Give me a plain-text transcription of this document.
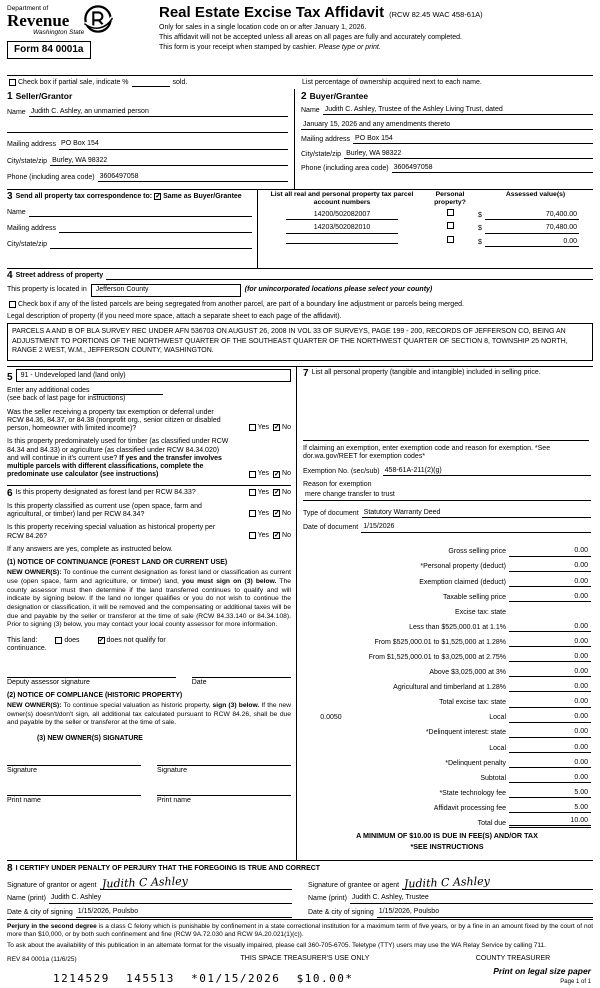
Department of
Revenue
Washington State
Form 84 0001a
Real Estate Excise Tax Affidavit (RCW 82.45 WAC 458-61A)
Only for sales in a single location code on or after January 1, 2026.
This affidavit will not be accepted unless all areas on all pages are fully and accurately completed.
This form is your receipt when stamped by cashier. Please type or print.
Check box if partial sale, indicate %	sold.	List percentage of ownership acquired next to each name.
1 Seller/Grantor
Name Judith C. Ashley, an unmarried person
Mailing address PO Box 154
City/state/zip Burley, WA 98322
Phone (including area code) 3606497058
2 Buyer/Grantee
Name Judith C. Ashley, Trustee of the Ashley Living Trust, dated
January 15, 2026 and any amendments thereto
Mailing address PO Box 154
City/state/zip Burley, WA 98322
Phone (including area code) 3606497058
3 Send all property tax correspondence to: ✓ Same as Buyer/Grantee
Name
Mailing address
City/state/zip
List all real and personal property tax parcel account numbers
Personal property?
Assessed value(s)
14200/502082007	$	70,400.00
14203/502082010	$	70,480.00
$	0.00
4 Street address of property
This property is located in	Jefferson County	(for unincorporated locations please select your county)
Check box if any of the listed parcels are being segregated from another parcel, are part of a boundary line adjustment or parcels being merged.
Legal description of property (if you need more space, attach a separate sheet to each page of the affidavit).
PARCELS A AND B OF BLA SURVEY REC UNDER AFN 536703 ON AUGUST 26, 2008 IN VOL 33 OF SURVEYS, PAGE 199 - 200, RECORDS OF JEFFERSON CO, BEING AN ADJUSTMENT TO PORTIONS OF THE NORTHWEST QUARTER OF THE SOUTHEAST QUARTER OF THE NORTHWEST QUARTER OF SECTION 8, TOWNSHIP 25 NORTH, RANGE 2 WEST, W.M., JEFFERSON COUNTY, WASHINGTON.
5	91 - Undeveloped land (land only)
Enter any additional codes
(see back of last page for instructions)
Was the seller receiving a property tax exemption or deferral under RCW 84.36, 84.37, or 84.38 (nonprofit org., senior citizen or disabled person, homeowner with limited income)?	Yes ✓ No
Is this property predominately used for timber (as classified under RCW 84.34 and 84.33) or agriculture (as classified under RCW 84.34.020) and will continue in it's current use? If yes and the transfer involves multiple parcels with different classifications, complete the predominate use calculator (see instructions)	Yes ✓ No
6 Is this property designated as forest land per RCW 84.33?	Yes ✓ No
Is this property classified as current use (open space, farm and agricultural, or timber) land per RCW 84.34?	Yes ✓ No
Is this property receiving special valuation as historical property per RCW 84.26?	Yes ✓ No
If any answers are yes, complete as instructed below.
(1) NOTICE OF CONTINUANCE (FOREST LAND OR CURRENT USE)
NEW OWNER(S): To continue the current designation as forest land or classification as current use (open space, farm and agriculture, or timber) land, you must sign on (3) below. The county assessor must then determine if the land transferred continues to qualify and will indicate by signing below. If the land no longer qualifies or you do not wish to continue the designation or classification, it will be removed and the compensating or additional taxes will be due and payable by the seller or transferor at the time of sale (RCW 84.33.140 or 84.34.108). Prior to signing (3) below, you may contact your local county assessor for more information.
This land:	does	✓ does not qualify for
continuance.
Deputy assessor signature	Date
(2) NOTICE OF COMPLIANCE (HISTORIC PROPERTY)
NEW OWNER(S): To continue special valuation as historic property, sign (3) below. If the new owner(s) doesn't/don't sign, all additional tax calculated pursuant to RCW 84.26, shall be due and payable by the seller or transferor at the time of sale.
(3) NEW OWNER(S) SIGNATURE
Signature	Signature
Print name	Print name
7 List all personal property (tangible and intangible) included in selling price.
If claiming an exemption, enter exemption code and reason for exemption. *See dor.wa.gov/REET for exemption codes*
Exemption No. (sec/sub) 458-61A-211(2)(g)
Reason for exemption
mere change transfer to trust
Type of document Statutory Warranty Deed
Date of document 1/15/2026
Gross selling price	0.00
*Personal property (deduct)	0.00
Exemption claimed (deduct)	0.00
Taxable selling price	0.00
Excise tax: state
Less than $525,000.01 at 1.1%	0.00
From $525,000.01 to $1,525,000 at 1.28%	0.00
From $1,525,000.01 to $3,025,000 at 2.75%	0.00
Above $3,025,000 at 3%	0.00
Agricultural and timberland at 1.28%	0.00
Total excise tax: state	0.00
0.0050	Local	0.00
*Delinquent interest: state	0.00
Local	0.00
*Delinquent penalty	0.00
Subtotal	0.00
*State technology fee	5.00
Affidavit processing fee	5.00
Total due	10.00
A MINIMUM OF $10.00 IS DUE IN FEE(S) AND/OR TAX
*SEE INSTRUCTIONS
8 I CERTIFY UNDER PENALTY OF PERJURY THAT THE FOREGOING IS TRUE AND CORRECT
Signature of grantor or agent Judith C Ashley
Name (print) Judith C. Ashley
Date & city of signing 1/15/2026, Poulsbo
Signature of grantee or agent Judith C Ashley
Name (print) Judith C. Ashley, Trustee
Date & city of signing 1/15/2026, Poulsbo
Perjury in the second degree is a class C felony which is punishable by confinement in a state correctional institution for a maximum term of five years, or by a fine in an amount fixed by the court of not more than $10,000, or by both such confinement and fine (RCW 9A.72.030 and RCW 9A.20.021(1)(c)).
To ask about the availability of this publication in an alternate format for the visually impaired, please call 360-705-6705. Teletype (TTY) users may use the WA Relay Service by calling 711.
REV 84 0001a (11/6/25)	THIS SPACE TREASURER'S USE ONLY	COUNTY TREASURER
1214529  145513  *01/15/2026  $10.00*
Print on legal size paper
Page 1 of 1
